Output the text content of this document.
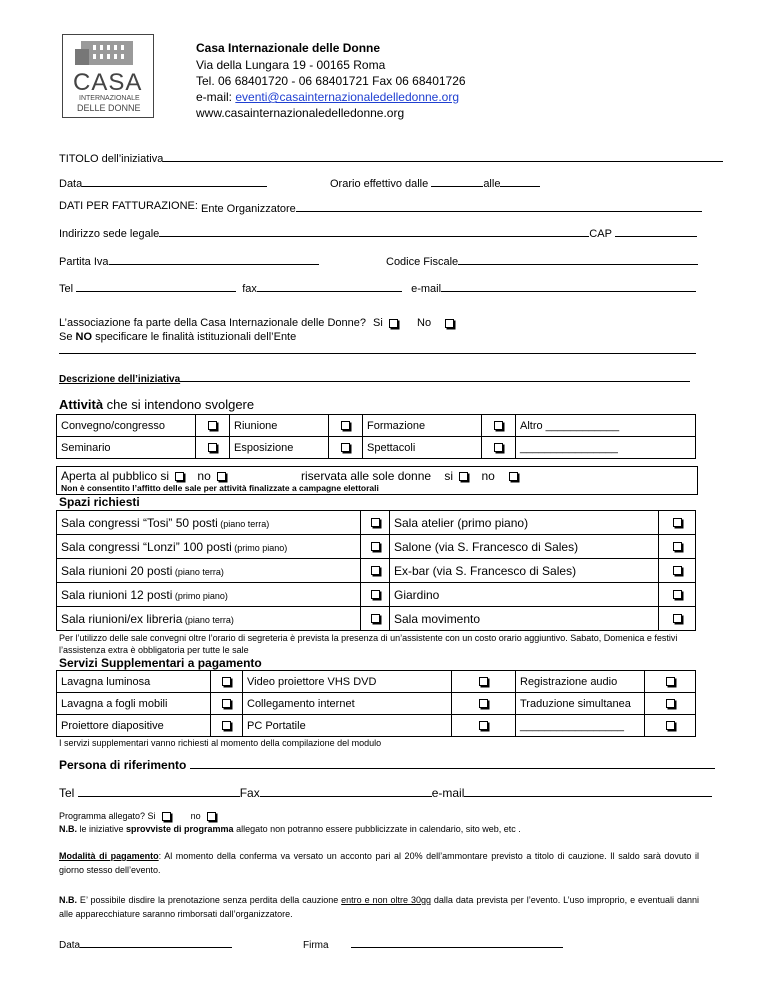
CASA
INTERNAZIONALE
DELLE DONNE
Casa Internazionale delle Donne
Via della Lungara 19 - 00165 Roma
Tel. 06 68401720 - 06 68401721 Fax 06 68401726
e-mail: eventi@casainternazionaledelledonne.org
www.casainternazionaledelledonne.org
TITOLO dell’iniziativa
Data	Orario effettivo dalle	alle
DATI PER FATTURAZIONE: Ente Organizzatore
Indirizzo sede legale	CAP
Partita Iva	Codice Fiscale
Tel	fax	e-mail
L’associazione fa parte della Casa Internazionale delle Donne? Si	No
Se NO specificare le finalità istituzionali dell’Ente
Descrizione dell’iniziativa
Attività che si intendono svolgere
Convegno/congresso		Riunione		Formazione		Altro ____________
Seminario		Esposizione		Spettacoli		________________
Aperta al pubblico si no	riservata alle sole donne si no
Non è consentito l’affitto delle sale per attività finalizzate a campagne elettorali
Spazi richiesti
Sala congressi “Tosi” 50 posti (piano terra)		Sala atelier (primo piano)	
Sala congressi “Lonzi” 100 posti (primo piano)		Salone (via S. Francesco di Sales)	
Sala riunioni 20 posti (piano terra)		Ex-bar (via S. Francesco di Sales)	
Sala riunioni 12 posti (primo piano)		Giardino	
Sala riunioni/ex libreria (piano terra)		Sala movimento	
Per l’utilizzo delle sale convegni oltre l’orario di segreteria è prevista la presenza di un’assistente con un costo orario aggiuntivo. Sabato, Domenica e festivi l’assistenza extra è obbligatoria per tutte le sale
Servizi Supplementari a pagamento
Lavagna luminosa		Video proiettore VHS DVD		Registrazione audio	
Lavagna a fogli mobili		Collegamento internet		Traduzione simultanea	
Proiettore diapositive		PC Portatile		_________________	
I servizi supplementari vanno richiesti al momento della compilazione del modulo
Persona di riferimento
Tel	Fax	e-mail
Programma allegato? Si	no
N.B. le iniziative sprovviste di programma allegato non potranno essere pubblicizzate in calendario, sito web, etc .
Modalità di pagamento: Al momento della conferma va versato un acconto pari al 20% dell’ammontare previsto a titolo di cauzione. Il saldo sarà dovuto il giorno stesso dell’evento.
N.B. E’ possibile disdire la prenotazione senza perdita della cauzione entro e non oltre 30gg dalla data prevista per l’evento. L’uso improprio, e eventuali danni alle apparecchiature saranno rimborsati dall’organizzatore.
Data	Firma
